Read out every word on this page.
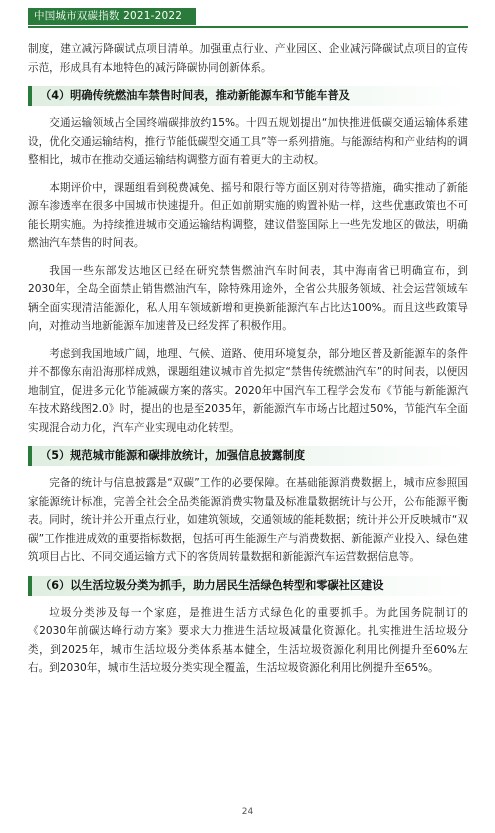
中国城市双碳指数 2021-2022

制度，建立减污降碳试点项目清单。加强重点行业、产业园区、企业减污降碳试点项目的宣传示范，形成具有本地特色的减污降碳协同创新体系。

（4）明确传统燃油车禁售时间表，推动新能源车和节能车普及

交通运输领域占全国终端碳排放约15%。十四五规划提出“加快推进低碳交通运输体系建设，优化交通运输结构，推行节能低碳型交通工具”等一系列措施。与能源结构和产业结构的调整相比，城市在推动交通运输结构调整方面有着更大的主动权。

本期评价中，课题组看到税费减免、摇号和限行等方面区别对待等措施，确实推动了新能源车渗透率在很多中国城市快速提升。但正如前期实施的购置补贴一样，这些优惠政策也不可能长期实施。为持续推进城市交通运输结构调整，建议借鉴国际上一些先发地区的做法，明确燃油汽车禁售的时间表。

我国一些东部发达地区已经在研究禁售燃油汽车时间表，其中海南省已明确宣布，到2030年，全岛全面禁止销售燃油汽车，除特殊用途外，全省公共服务领域、社会运营领域车辆全面实现清洁能源化，私人用车领域新增和更换新能源汽车占比达100%。而且这些政策导向，对推动当地新能源车加速普及已经发挥了积极作用。

考虑到我国地域广阔，地理、气候、道路、使用环境复杂，部分地区普及新能源车的条件并不都像东南沿海那样成熟，课题组建议城市首先拟定“禁售传统燃油汽车”的时间表，以便因地制宜，促进多元化节能减碳方案的落实。2020年中国汽车工程学会发布《节能与新能源汽车技术路线图2.0》时，提出的也是至2035年，新能源汽车市场占比超过50%，节能汽车全面实现混合动力化，汽车产业实现电动化转型。

（5）规范城市能源和碳排放统计，加强信息披露制度

完备的统计与信息披露是“双碳”工作的必要保障。在基础能源消费数据上，城市应参照国家能源统计标准，完善全社会全品类能源消费实物量及标准量数据统计与公开，公布能源平衡表。同时，统计并公开重点行业，如建筑领域，交通领域的能耗数据；统计并公开反映城市“双碳”工作推进成效的重要指标数据，包括可再生能源生产与消费数据、新能源产业投入、绿色建筑项目占比、不同交通运输方式下的客货周转量数据和新能源汽车运营数据信息等。

（6）以生活垃圾分类为抓手，助力居民生活绿色转型和零碳社区建设

垃圾分类涉及每一个家庭，是推进生活方式绿色化的重要抓手。为此国务院制订的《2030年前碳达峰行动方案》要求大力推进生活垃圾减量化资源化。扎实推进生活垃圾分类，到2025年，城市生活垃圾分类体系基本健全，生活垃圾资源化利用比例提升至60%左右。到2030年，城市生活垃圾分类实现全覆盖，生活垃圾资源化利用比例提升至65%。

24
